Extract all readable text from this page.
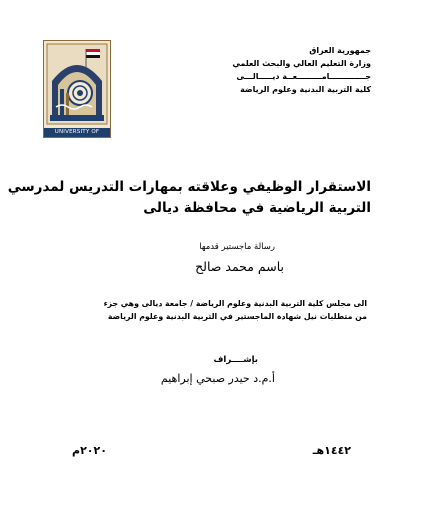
UNIVERSITY OF DIYALA
جمهورية العراق
وزارة التعليم العالي والبحث العلمي
جـــــــــــــامـــــــــعــة ديـــــالـــى
كلية التربية البدنية وعلوم الرياضة
الاستقرار الوظيفي وعلاقته بمهارات التدريس لمدرسي
التربية الرياضية في محافظة ديالى
رسالة ماجستير قدمها
باسم محمد صالح
الى مجلس كلية التربية البدنية وعلوم الرياضة / جامعة ديالى وهي جزء
من متطلبات نيل شهادة الماجستير في التربية البدنية وعلوم الرياضة
بإشــــراف
أ.م.د حيدر صبحي إبراهيم
١٤٤٢هـ
٢٠٢٠م
